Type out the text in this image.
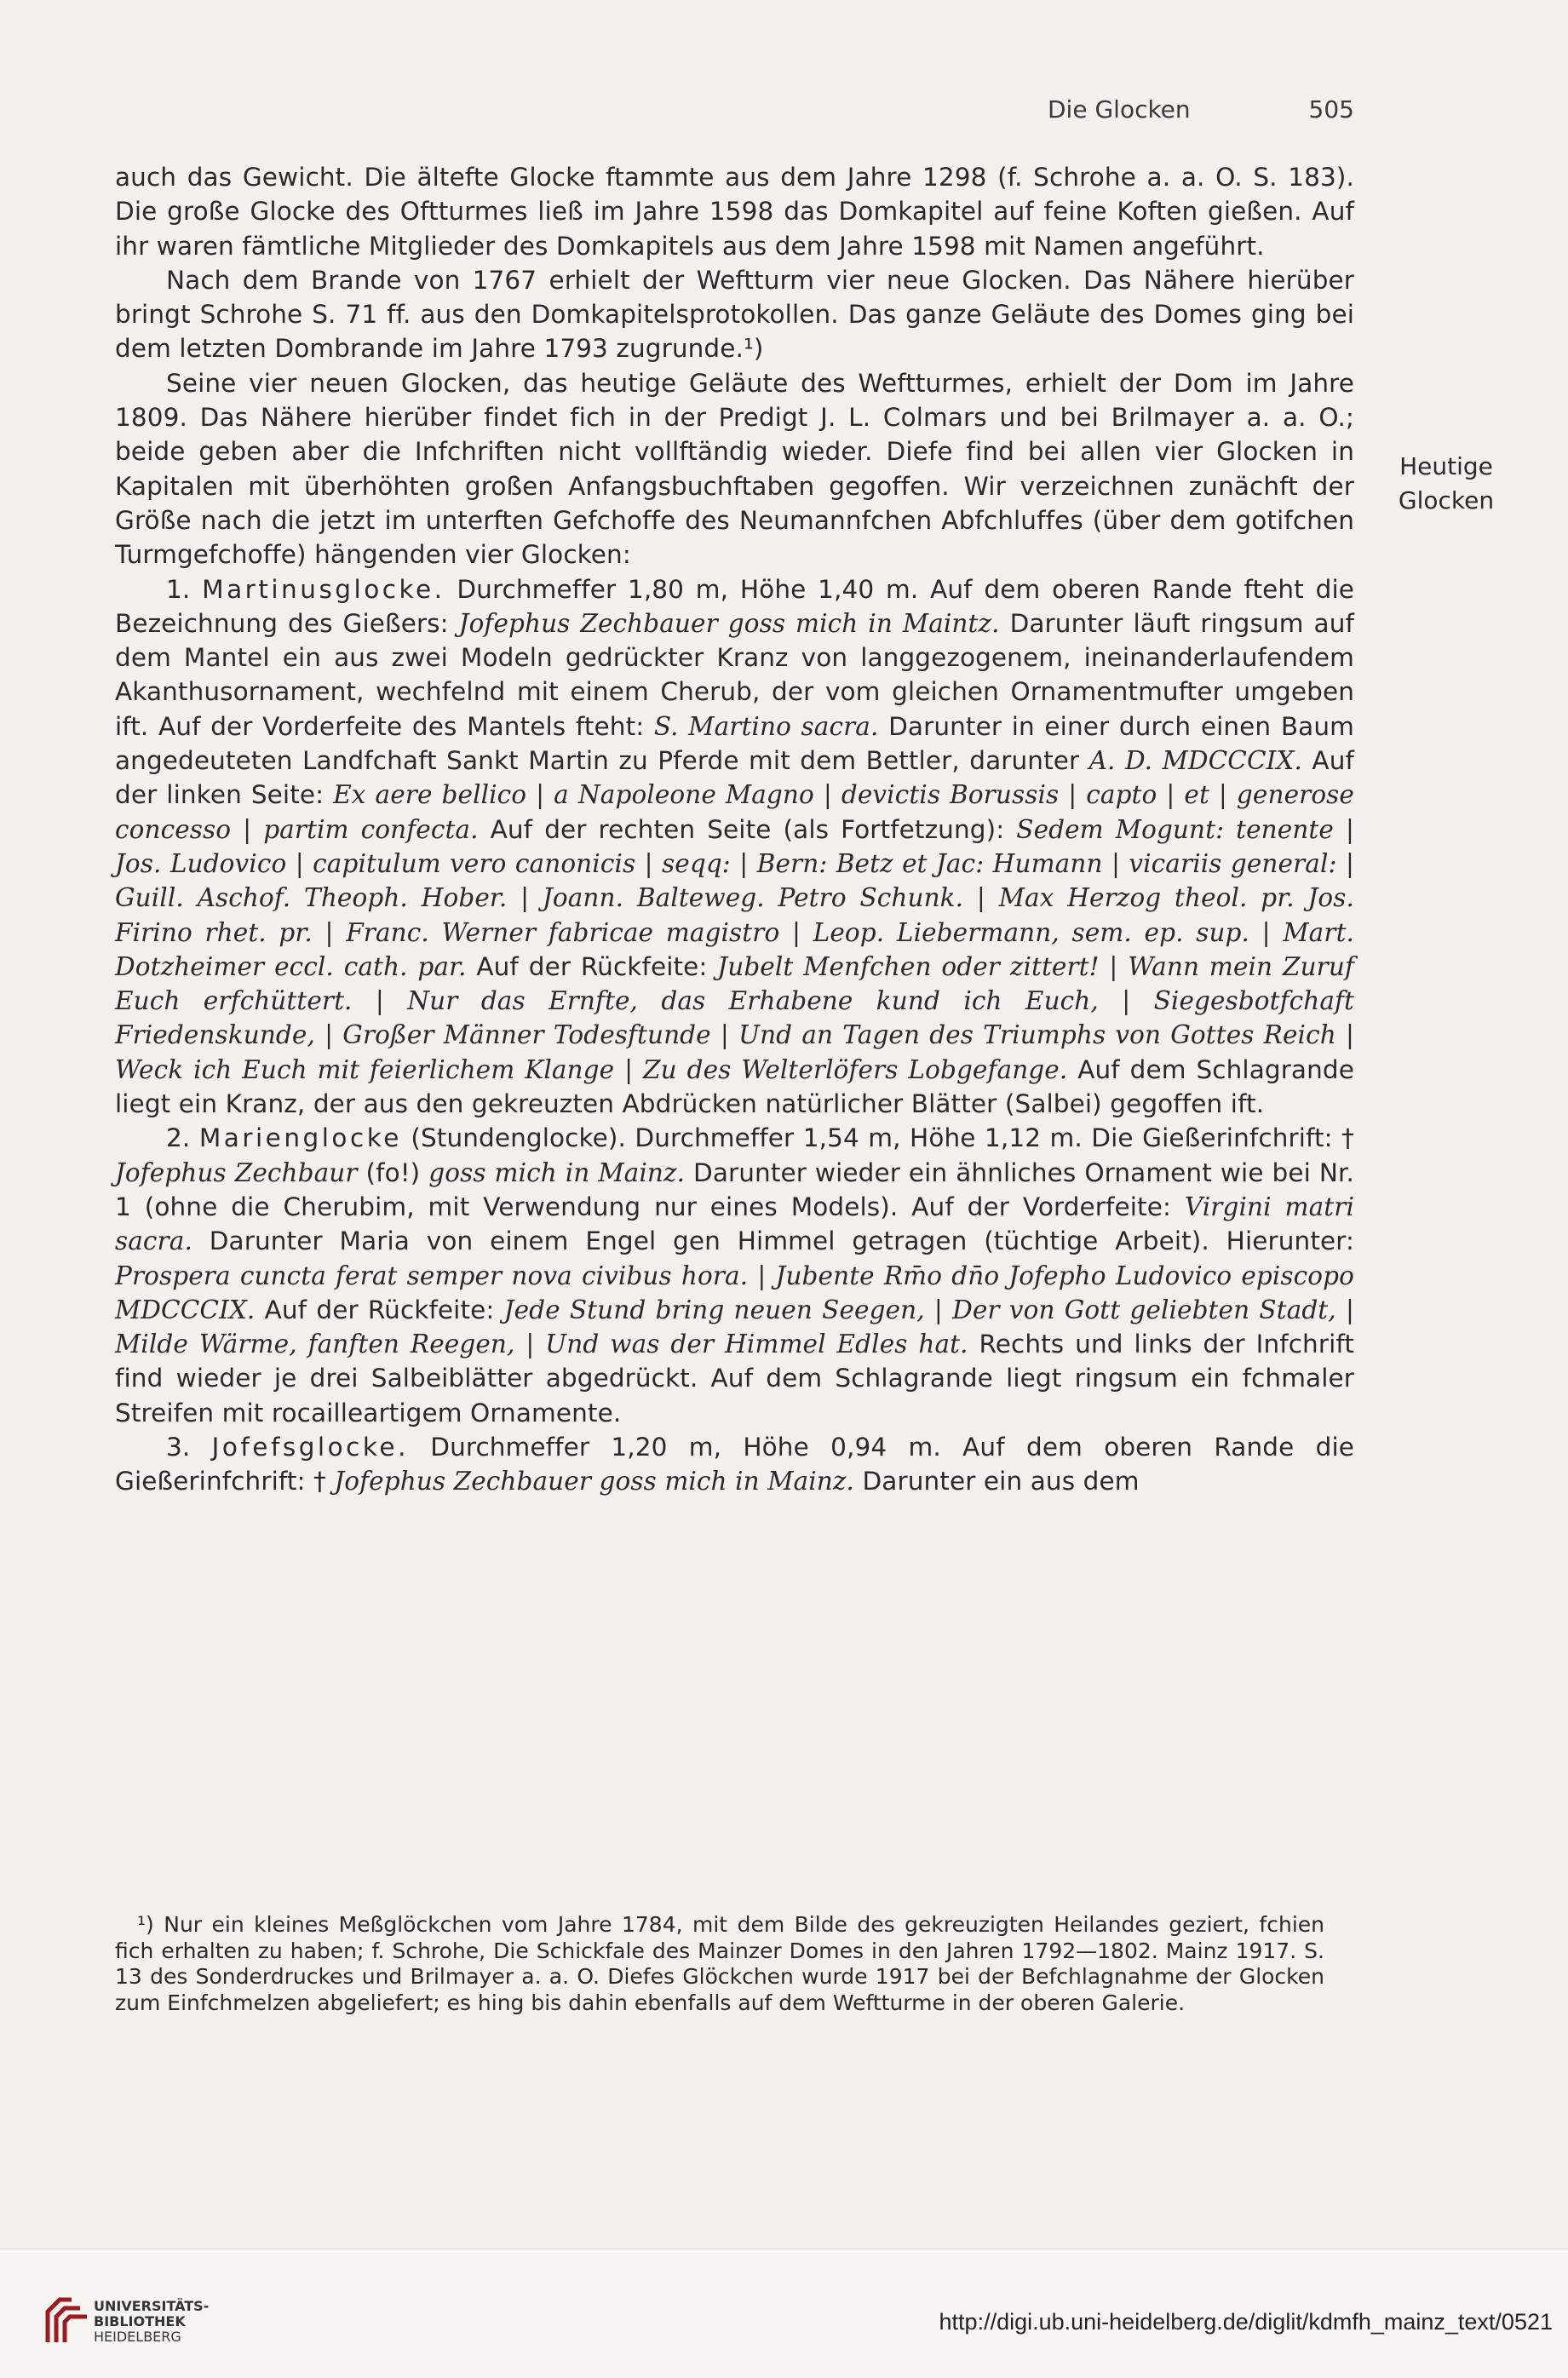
Die Glocken	505
Heutige Glocken

auch das Gewicht. Die ältefte Glocke ftammte aus dem Jahre 1298 (f. Schrohe a. a. O. S. 183). Die große Glocke des Oftturmes ließ im Jahre 1598 das Domkapitel auf feine Koften gießen. Auf ihr waren fämtliche Mitglieder des Domkapitels aus dem Jahre 1598 mit Namen angeführt.

Nach dem Brande von 1767 erhielt der Weftturm vier neue Glocken. Das Nähere hierüber bringt Schrohe S. 71 ff. aus den Domkapitelsprotokollen. Das ganze Geläute des Domes ging bei dem letzten Dombrande im Jahre 1793 zugrunde.¹)

Seine vier neuen Glocken, das heutige Geläute des Weftturmes, erhielt der Dom im Jahre 1809. Das Nähere hierüber findet fich in der Predigt J. L. Colmars und bei Brilmayer a. a. O.; beide geben aber die Infchriften nicht vollftändig wieder. Diefe find bei allen vier Glocken in Kapitalen mit überhöhten großen Anfangsbuchftaben gegoffen. Wir verzeichnen zunächft der Größe nach die jetzt im unterften Gefchoffe des Neumannfchen Abfchluffes (über dem gotifchen Turmgefchoffe) hängenden vier Glocken:

1. Martinusglocke. Durchmeffer 1,80 m, Höhe 1,40 m. Auf dem oberen Rande fteht die Bezeichnung des Gießers: Jofephus Zechbauer goss mich in Maintz. Darunter läuft ringsum auf dem Mantel ein aus zwei Modeln gedrückter Kranz von langgezogenem, ineinanderlaufendem Akanthusornament, wechfelnd mit einem Cherub, der vom gleichen Ornamentmufter umgeben ift. Auf der Vorderfeite des Mantels fteht: S. Martino sacra. Darunter in einer durch einen Baum angedeuteten Landfchaft Sankt Martin zu Pferde mit dem Bettler, darunter A. D. MDCCCIX. Auf der linken Seite: Ex aere bellico | a Napoleone Magno | devictis Borussis | capto | et | generose concesso | partim confecta. Auf der rechten Seite (als Fortfetzung): Sedem Mogunt: tenente | Jos. Ludovico | capitulum vero canonicis | seqq: | Bern: Betz et Jac: Humann | vicariis general: | Guill. Aschof. Theoph. Hober. | Joann. Balteweg. Petro Schunk. | Max Herzog theol. pr. Jos. Firino rhet. pr. | Franc. Werner fabricae magistro | Leop. Liebermann, sem. ep. sup. | Mart. Dotzheimer eccl. cath. par. Auf der Rückfeite: Jubelt Menfchen oder zittert! | Wann mein Zuruf Euch erfchüttert. | Nur das Ernfte, das Erhabene kund ich Euch, | Siegesbotfchaft Friedenskunde, | Großer Männer Todesftunde | Und an Tagen des Triumphs von Gottes Reich | Weck ich Euch mit feierlichem Klange | Zu des Welterlöfers Lobgefange. Auf dem Schlagrande liegt ein Kranz, der aus den gekreuzten Abdrücken natürlicher Blätter (Salbei) gegoffen ift.

2. Marienglocke (Stundenglocke). Durchmeffer 1,54 m, Höhe 1,12 m. Die Gießerinfchrift: † Jofephus Zechbaur (fo!) goss mich in Mainz. Darunter wieder ein ähnliches Ornament wie bei Nr. 1 (ohne die Cherubim, mit Verwendung nur eines Models). Auf der Vorderfeite: Virgini matri sacra. Darunter Maria von einem Engel gen Himmel getragen (tüchtige Arbeit). Hierunter: Prospera cuncta ferat semper nova civibus hora. | Jubente Rm̄o dn̄o Jofepho Ludovico episcopo MDCCCIX. Auf der Rückfeite: Jede Stund bring neuen Seegen, | Der von Gott geliebten Stadt, | Milde Wärme, fanften Reegen, | Und was der Himmel Edles hat. Rechts und links der Infchrift find wieder je drei Salbeiblätter abgedrückt. Auf dem Schlagrande liegt ringsum ein fchmaler Streifen mit rocailleartigem Ornamente.

3. Jofefsglocke. Durchmeffer 1,20 m, Höhe 0,94 m. Auf dem oberen Rande die Gießerinfchrift: † Jofephus Zechbauer goss mich in Mainz. Darunter ein aus dem

¹) Nur ein kleines Meßglöckchen vom Jahre 1784, mit dem Bilde des gekreuzigten Heilandes geziert, fchien fich erhalten zu haben; f. Schrohe, Die Schickfale des Mainzer Domes in den Jahren 1792—1802. Mainz 1917. S. 13 des Sonderdruckes und Brilmayer a. a. O. Diefes Glöckchen wurde 1917 bei der Befchlagnahme der Glocken zum Einfchmelzen abgeliefert; es hing bis dahin ebenfalls auf dem Weftturme in der oberen Galerie.

UNIVERSITÄTS-
BIBLIOTHEK
HEIDELBERG
http://digi.ub.uni-heidelberg.de/diglit/kdmfh_mainz_text/0521
